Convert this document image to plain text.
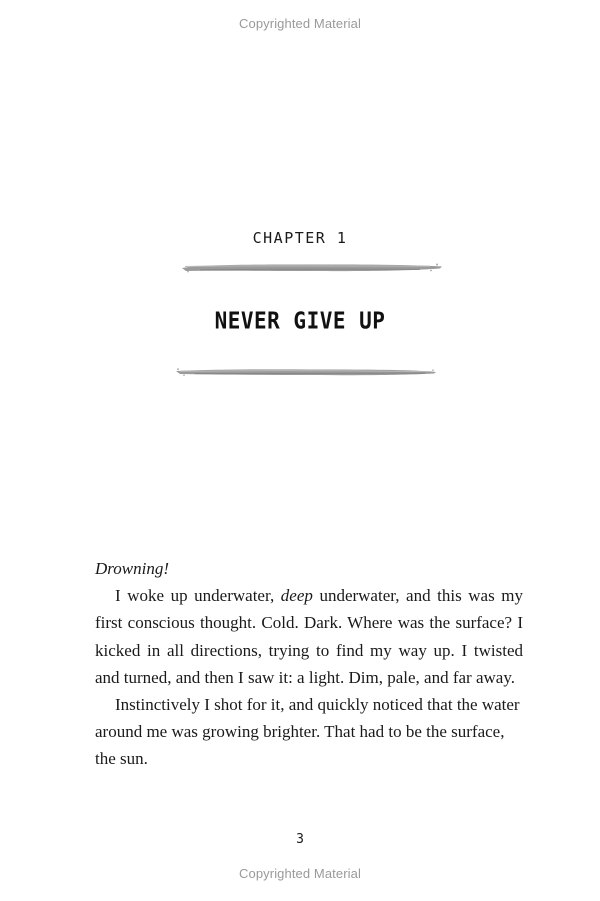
Copyrighted Material
CHAPTER 1
NEVER GIVE UP

Drowning!

I woke up underwater, deep underwater, and this was my first conscious thought. Cold. Dark. Where was the surface? I kicked in all directions, trying to find my way up. I twisted and turned, and then I saw it: a light. Dim, pale, and far away.

Instinctively I shot for it, and quickly noticed that the water around me was growing brighter. That had to be the surface, the sun.

3
Copyrighted Material
